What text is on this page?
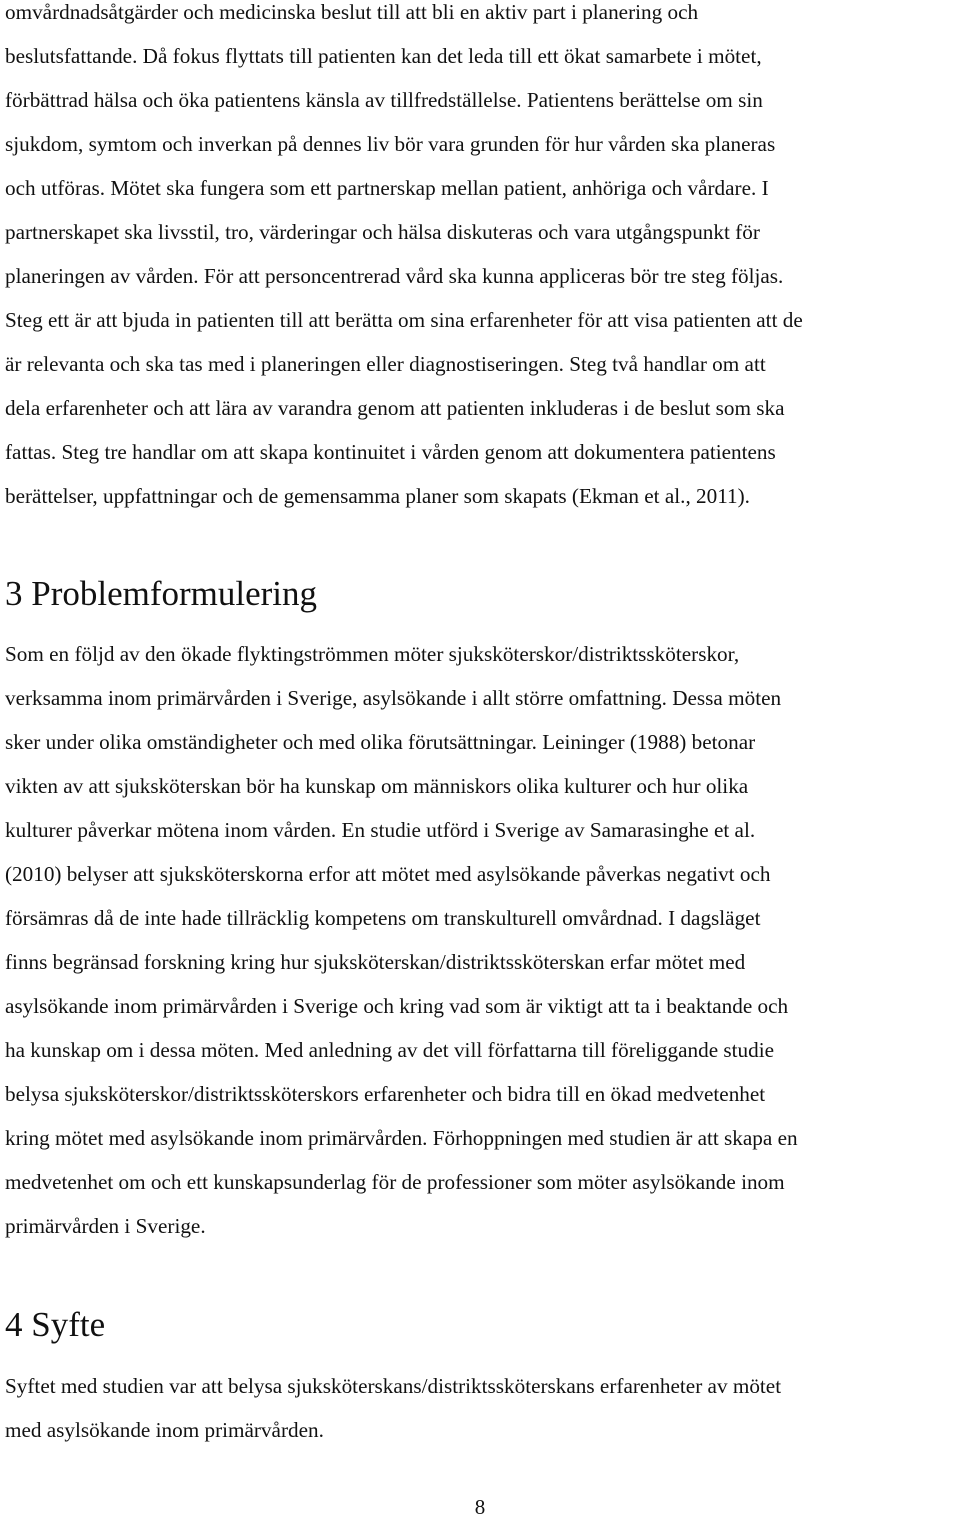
omvårdnadsåtgärder och medicinska beslut till att bli en aktiv part i planering och
beslutsfattande. Då fokus flyttats till patienten kan det leda till ett ökat samarbete i mötet,
förbättrad hälsa och öka patientens känsla av tillfredställelse. Patientens berättelse om sin
sjukdom, symtom och inverkan på dennes liv bör vara grunden för hur vården ska planeras
och utföras. Mötet ska fungera som ett partnerskap mellan patient, anhöriga och vårdare. I
partnerskapet ska livsstil, tro, värderingar och hälsa diskuteras och vara utgångspunkt för
planeringen av vården. För att personcentrerad vård ska kunna appliceras bör tre steg följas.
Steg ett är att bjuda in patienten till att berätta om sina erfarenheter för att visa patienten att de
är relevanta och ska tas med i planeringen eller diagnostiseringen. Steg två handlar om att
dela erfarenheter och att lära av varandra genom att patienten inkluderas i de beslut som ska
fattas. Steg tre handlar om att skapa kontinuitet i vården genom att dokumentera patientens
berättelser, uppfattningar och de gemensamma planer som skapats (Ekman et al., 2011).

3 Problemformulering

Som en följd av den ökade flyktingströmmen möter sjuksköterskor/distriktssköterskor,
verksamma inom primärvården i Sverige, asylsökande i allt större omfattning. Dessa möten
sker under olika omständigheter och med olika förutsättningar. Leininger (1988) betonar
vikten av att sjuksköterskan bör ha kunskap om människors olika kulturer och hur olika
kulturer påverkar mötena inom vården. En studie utförd i Sverige av Samarasinghe et al.
(2010) belyser att sjuksköterskorna erfor att mötet med asylsökande påverkas negativt och
försämras då de inte hade tillräcklig kompetens om transkulturell omvårdnad. I dagsläget
finns begränsad forskning kring hur sjuksköterskan/distriktssköterskan erfar mötet med
asylsökande inom primärvården i Sverige och kring vad som är viktigt att ta i beaktande och
ha kunskap om i dessa möten. Med anledning av det vill författarna till föreliggande studie
belysa sjuksköterskor/distriktssköterskors erfarenheter och bidra till en ökad medvetenhet
kring mötet med asylsökande inom primärvården. Förhoppningen med studien är att skapa en
medvetenhet om och ett kunskapsunderlag för de professioner som möter asylsökande inom
primärvården i Sverige.

4 Syfte

Syftet med studien var att belysa sjuksköterskans/distriktssköterskans erfarenheter av mötet
med asylsökande inom primärvården.

8
